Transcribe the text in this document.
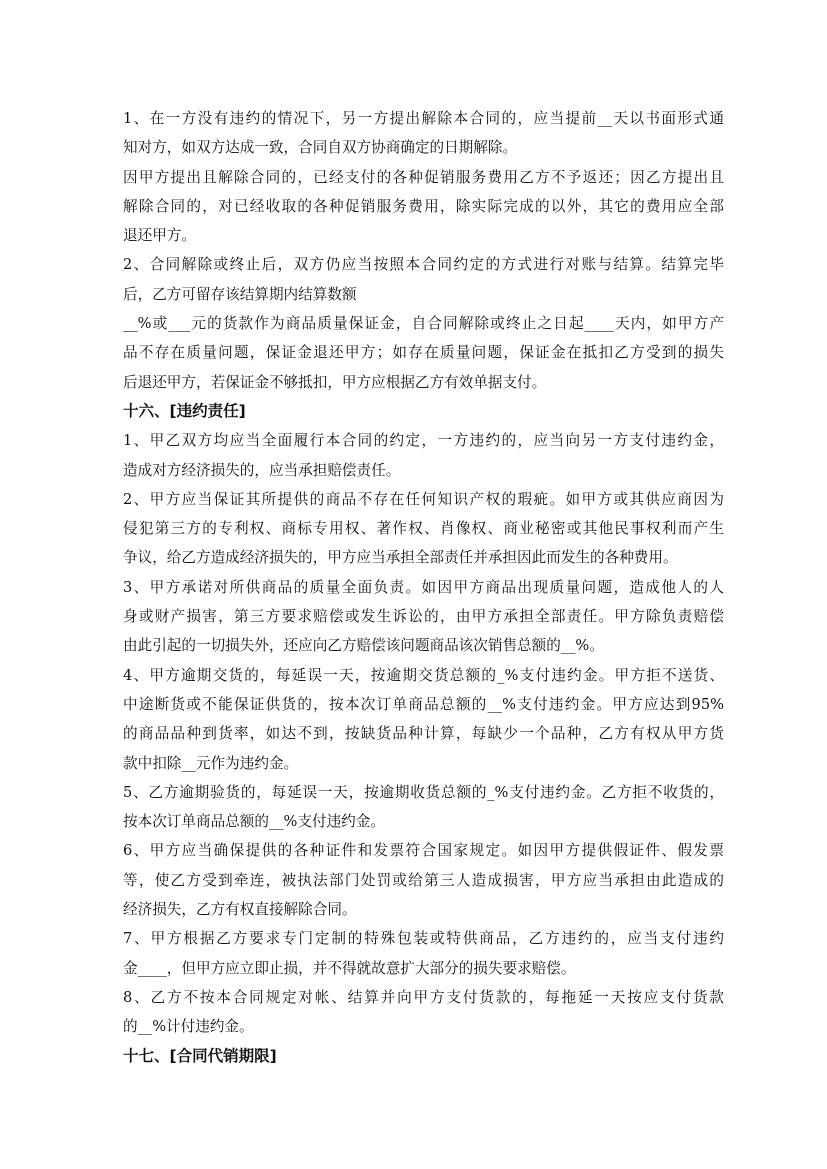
1、在一方没有违约的情况下，另一方提出解除本合同的，应当提前__天以书面形式通
知对方，如双方达成一致，合同自双方协商确定的日期解除。
因甲方提出且解除合同的，已经支付的各种促销服务费用乙方不予返还；因乙方提出且
解除合同的，对已经收取的各种促销服务费用，除实际完成的以外，其它的费用应全部
退还甲方。
2、合同解除或终止后，双方仍应当按照本合同约定的方式进行对账与结算。结算完毕
后，乙方可留存该结算期内结算数额
__%或___元的货款作为商品质量保证金，自合同解除或终止之日起____天内，如甲方产
品不存在质量问题，保证金退还甲方；如存在质量问题，保证金在抵扣乙方受到的损失
后退还甲方，若保证金不够抵扣，甲方应根据乙方有效单据支付。
十六、[违约责任]
1、甲乙双方均应当全面履行本合同的约定，一方违约的，应当向另一方支付违约金，
造成对方经济损失的，应当承担赔偿责任。
2、甲方应当保证其所提供的商品不存在任何知识产权的瑕疵。如甲方或其供应商因为
侵犯第三方的专利权、商标专用权、著作权、肖像权、商业秘密或其他民事权利而产生
争议，给乙方造成经济损失的，甲方应当承担全部责任并承担因此而发生的各种费用。
3、甲方承诺对所供商品的质量全面负责。如因甲方商品出现质量问题，造成他人的人
身或财产损害，第三方要求赔偿或发生诉讼的，由甲方承担全部责任。甲方除负责赔偿
由此引起的一切损失外，还应向乙方赔偿该问题商品该次销售总额的__%。
4、甲方逾期交货的，每延误一天，按逾期交货总额的_%支付违约金。甲方拒不送货、
中途断货或不能保证供货的，按本次订单商品总额的__%支付违约金。甲方应达到95%
的商品品种到货率，如达不到，按缺货品种计算，每缺少一个品种，乙方有权从甲方货
款中扣除__元作为违约金。
5、乙方逾期验货的，每延误一天，按逾期收货总额的_%支付违约金。乙方拒不收货的，
按本次订单商品总额的__%支付违约金。
6、甲方应当确保提供的各种证件和发票符合国家规定。如因甲方提供假证件、假发票
等，使乙方受到牵连，被执法部门处罚或给第三人造成损害，甲方应当承担由此造成的
经济损失，乙方有权直接解除合同。
7、甲方根据乙方要求专门定制的特殊包装或特供商品，乙方违约的，应当支付违约
金____，但甲方应立即止损，并不得就故意扩大部分的损失要求赔偿。
8、乙方不按本合同规定对帐、结算并向甲方支付货款的，每拖延一天按应支付货款
的__%计付违约金。
十七、[合同代销期限]
